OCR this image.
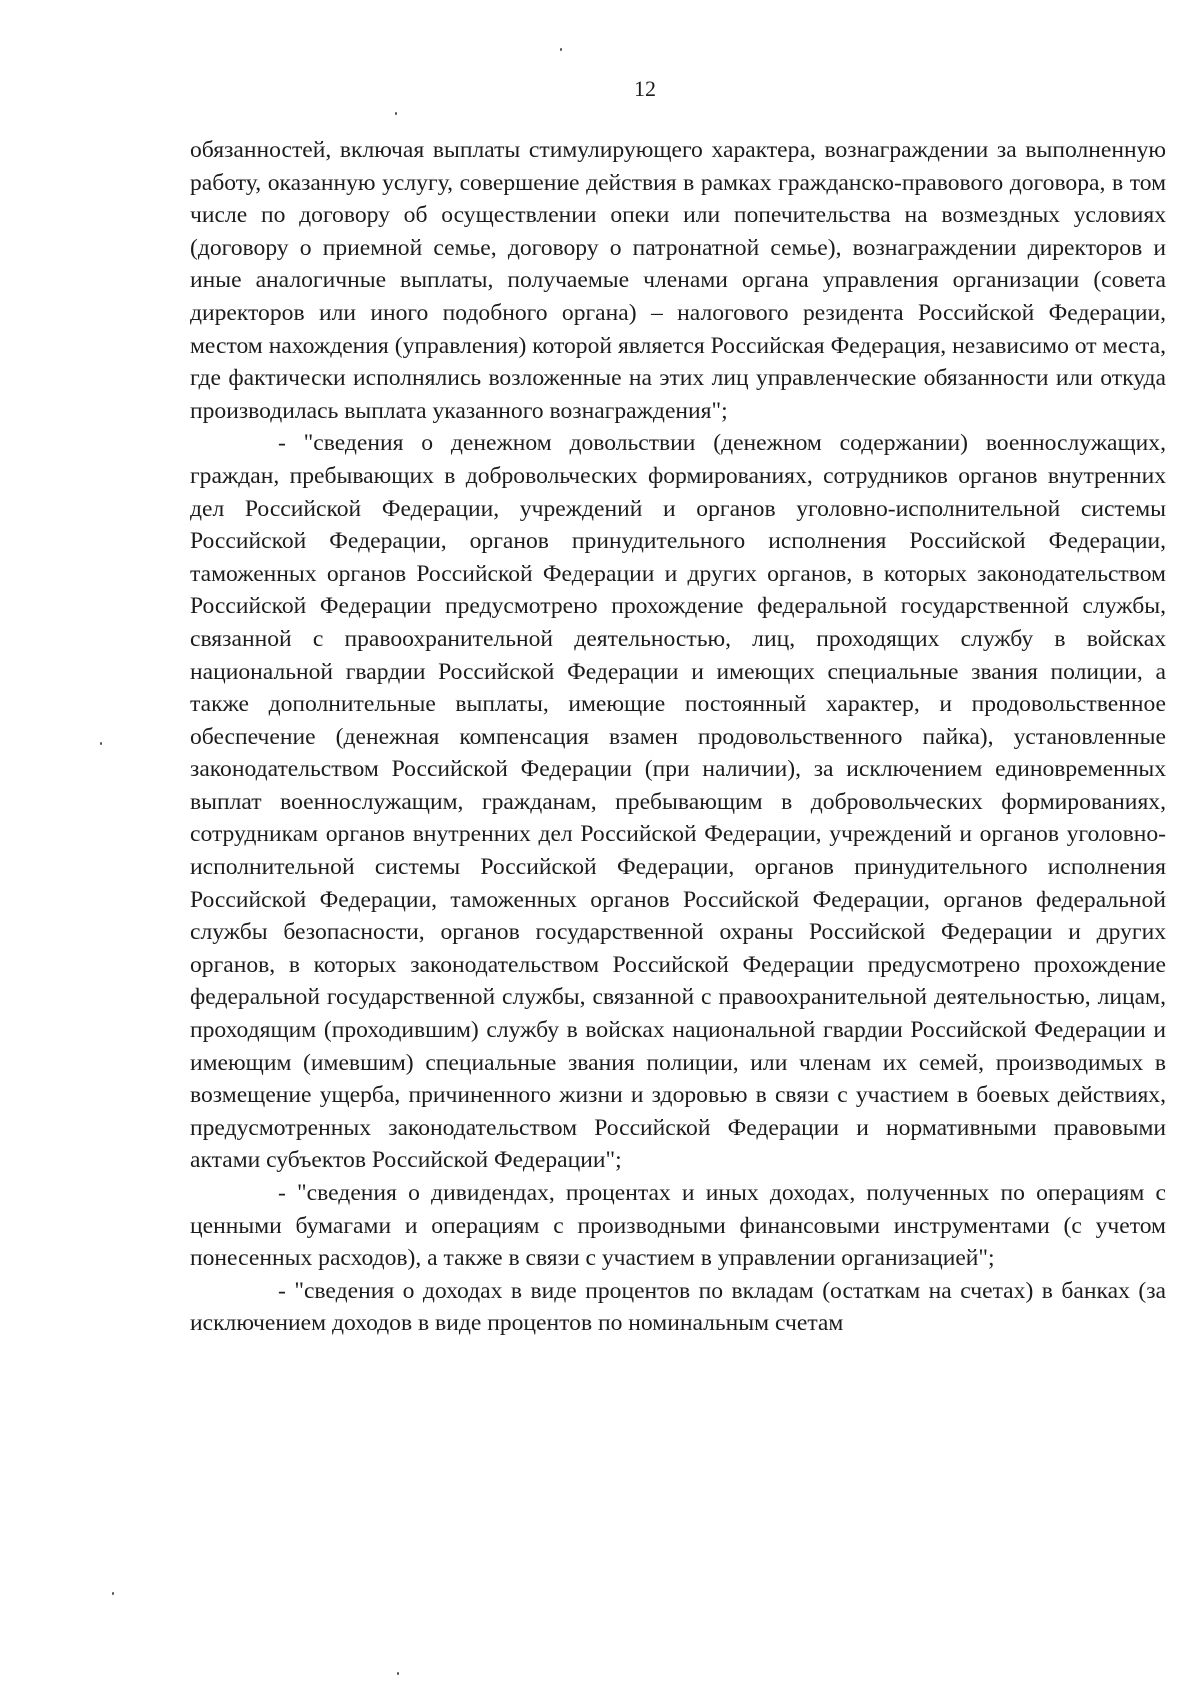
12

обязанностей, включая выплаты стимулирующего характера, вознаграждении за выполненную работу, оказанную услугу, совершение действия в рамках гражданско-правового договора, в том числе по договору об осуществлении опеки или попечительства на возмездных условиях (договору о приемной семье, договору о патронатной семье), вознаграждении директоров и иные аналогичные выплаты, получаемые членами органа управления организации (совета директоров или иного подобного органа) – налогового резидента Российской Федерации, местом нахождения (управления) которой является Российская Федерация, независимо от места, где фактически исполнялись возложенные на этих лиц управленческие обязанности или откуда производилась выплата указанного вознаграждения";

- "сведения о денежном довольствии (денежном содержании) военнослужащих, граждан, пребывающих в добровольческих формированиях, сотрудников органов внутренних дел Российской Федерации, учреждений и органов уголовно-исполнительной системы Российской Федерации, органов принудительного исполнения Российской Федерации, таможенных органов Российской Федерации и других органов, в которых законодательством Российской Федерации предусмотрено прохождение федеральной государственной службы, связанной с правоохранительной деятельностью, лиц, проходящих службу в войсках национальной гвардии Российской Федерации и имеющих специальные звания полиции, а также дополнительные выплаты, имеющие постоянный характер, и продовольственное обеспечение (денежная компенсация взамен продовольственного пайка), установленные законодательством Российской Федерации (при наличии), за исключением единовременных выплат военнослужащим, гражданам, пребывающим в добровольческих формированиях, сотрудникам органов внутренних дел Российской Федерации, учреждений и органов уголовно-исполнительной системы Российской Федерации, органов принудительного исполнения Российской Федерации, таможенных органов Российской Федерации, органов федеральной службы безопасности, органов государственной охраны Российской Федерации и других органов, в которых законодательством Российской Федерации предусмотрено прохождение федеральной государственной службы, связанной с правоохранительной деятельностью, лицам, проходящим (проходившим) службу в войсках национальной гвардии Российской Федерации и имеющим (имевшим) специальные звания полиции, или членам их семей, производимых в возмещение ущерба, причиненного жизни и здоровью в связи с участием в боевых действиях, предусмотренных законодательством Российской Федерации и нормативными правовыми актами субъектов Российской Федерации";

- "сведения о дивидендах, процентах и иных доходах, полученных по операциям с ценными бумагами и операциям с производными финансовыми инструментами (с учетом понесенных расходов), а также в связи с участием в управлении организацией";

- "сведения о доходах в виде процентов по вкладам (остаткам на счетах) в банках (за исключением доходов в виде процентов по номинальным счетам
